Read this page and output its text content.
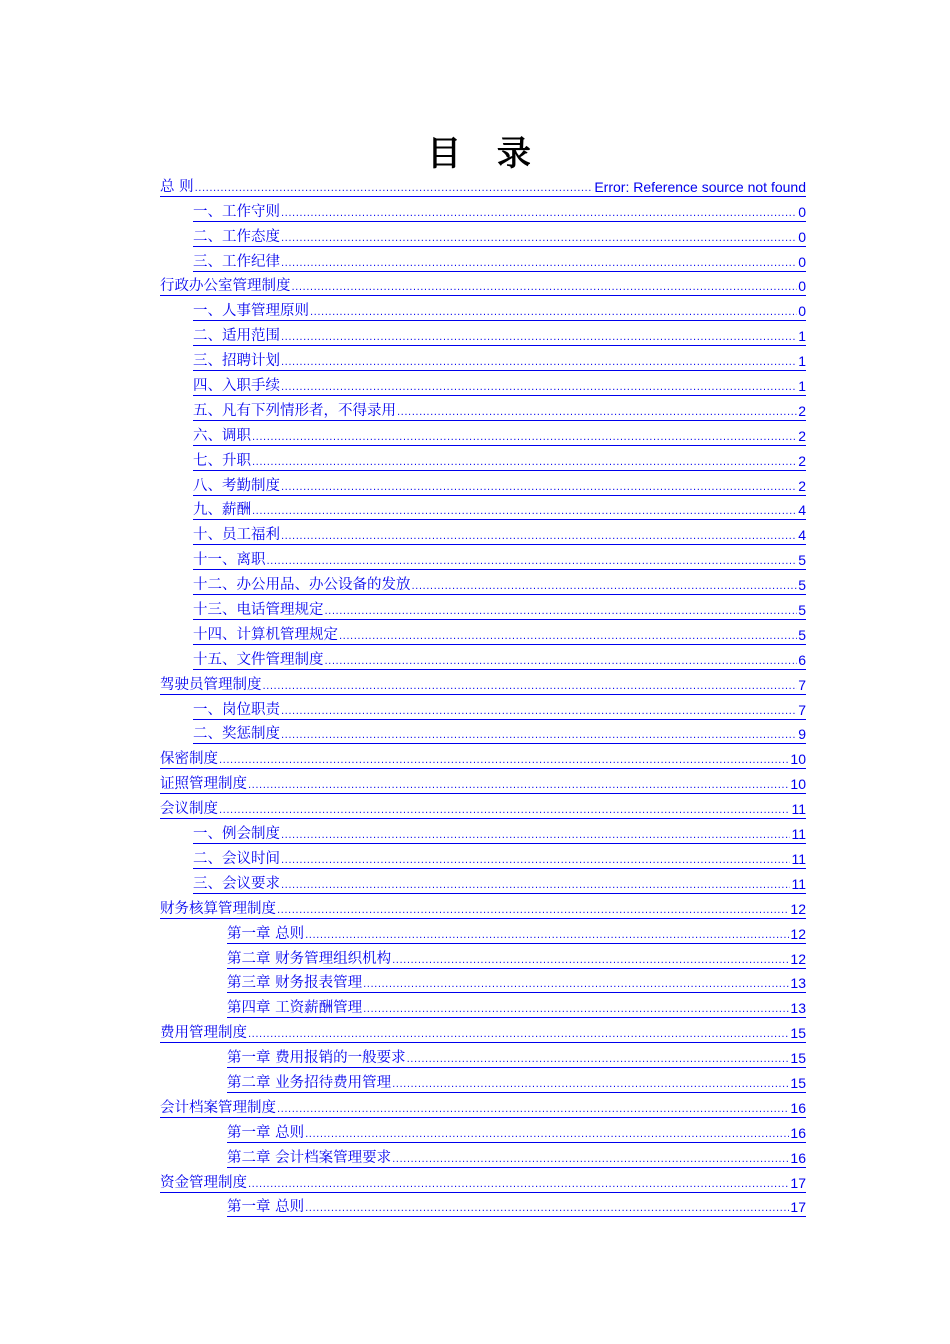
目 录
总 则 .....	Error: Reference source not found
一、工作守则 .....	0
二、工作态度 .....	0
三、工作纪律 .....	0
行政办公室管理制度 .....	0
一、人事管理原则 .....	0
二、适用范围 .....	1
三、招聘计划 .....	1
四、入职手续 .....	1
五、凡有下列情形者，不得录用 .....	2
六、调职 .....	2
七、升职 .....	2
八、考勤制度 .....	2
九、薪酬 .....	4
十、员工福利 .....	4
十一、离职 .....	5
十二、办公用品、办公设备的发放 .....	5
十三、电话管理规定 .....	5
十四、计算机管理规定 .....	5
十五、文件管理制度 .....	6
驾驶员管理制度 .....	7
一、岗位职责 .....	7
二、奖惩制度 .....	9
保密制度 .....	10
证照管理制度 .....	10
会议制度 .....	11
一、例会制度 .....	11
二、会议时间 .....	11
三、会议要求 .....	11
财务核算管理制度 .....	12
第一章 总则 .....	12
第二章 财务管理组织机构 .....	12
第三章 财务报表管理 .....	13
第四章 工资薪酬管理 .....	13
费用管理制度 .....	15
第一章 费用报销的一般要求 .....	15
第二章 业务招待费用管理 .....	15
会计档案管理制度 .....	16
第一章 总则 .....	16
第二章 会计档案管理要求 .....	16
资金管理制度 .....	17
第一章 总则 .....	17
